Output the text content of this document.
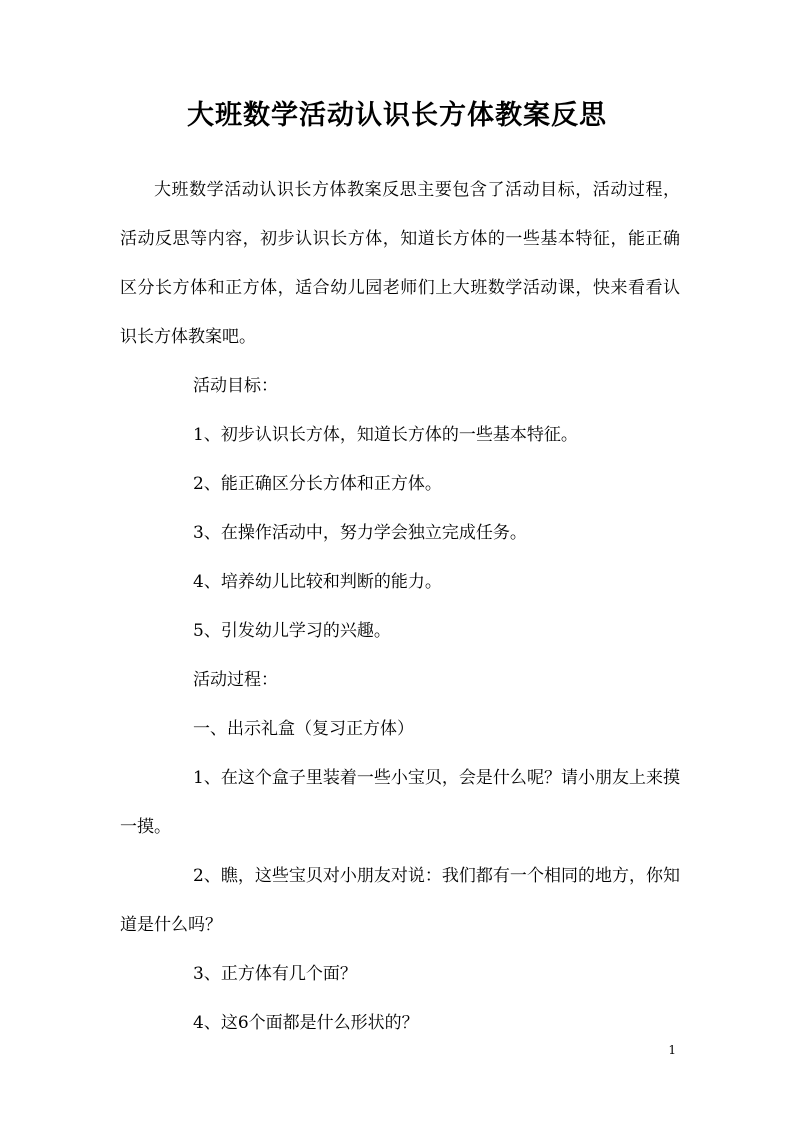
大班数学活动认识长方体教案反思

大班数学活动认识长方体教案反思主要包含了活动目标，活动过程，活动反思等内容，初步认识长方体，知道长方体的一些基本特征，能正确区分长方体和正方体，适合幼儿园老师们上大班数学活动课，快来看看认识长方体教案吧。

活动目标：

1、初步认识长方体，知道长方体的一些基本特征。

2、能正确区分长方体和正方体。

3、在操作活动中，努力学会独立完成任务。

4、培养幼儿比较和判断的能力。

5、引发幼儿学习的兴趣。

活动过程：

一、出示礼盒（复习正方体）

1、在这个盒子里装着一些小宝贝，会是什么呢？请小朋友上来摸一摸。

2、瞧，这些宝贝对小朋友对说：我们都有一个相同的地方，你知道是什么吗？

3、正方体有几个面？

4、这6个面都是什么形状的？

1
